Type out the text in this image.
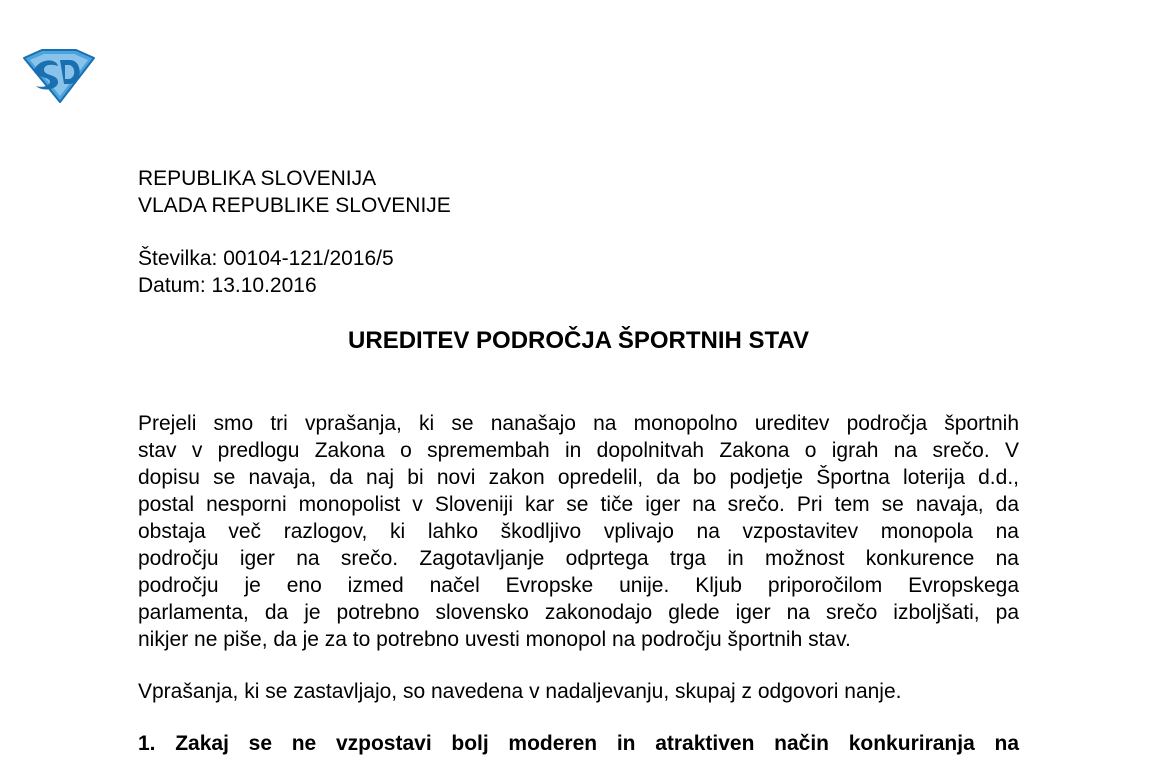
REPUBLIKA SLOVENIJA
VLADA REPUBLIKE SLOVENIJE
Številka: 00104-121/2016/5
Datum: 13.10.2016
UREDITEV PODROČJA ŠPORTNIH STAV
Prejeli smo tri vprašanja, ki se nanašajo na monopolno ureditev področja športnih
stav v predlogu Zakona o spremembah in dopolnitvah Zakona o igrah na srečo. V
dopisu se navaja, da naj bi novi zakon opredelil, da bo podjetje Športna loterija d.d.,
postal nesporni monopolist v Sloveniji kar se tiče iger na srečo. Pri tem se navaja, da
obstaja več razlogov, ki lahko škodljivo vplivajo na vzpostavitev monopola na
področju iger na srečo. Zagotavljanje odprtega trga in možnost konkurence na
področju je eno izmed načel Evropske unije. Kljub priporočilom Evropskega
parlamenta, da je potrebno slovensko zakonodajo glede iger na srečo izboljšati, pa
nikjer ne piše, da je za to potrebno uvesti monopol na področju športnih stav.
Vprašanja, ki se zastavljajo, so navedena v nadaljevanju, skupaj z odgovori nanje.
1. Zakaj se ne vzpostavi bolj moderen in atraktiven način konkuriranja na
